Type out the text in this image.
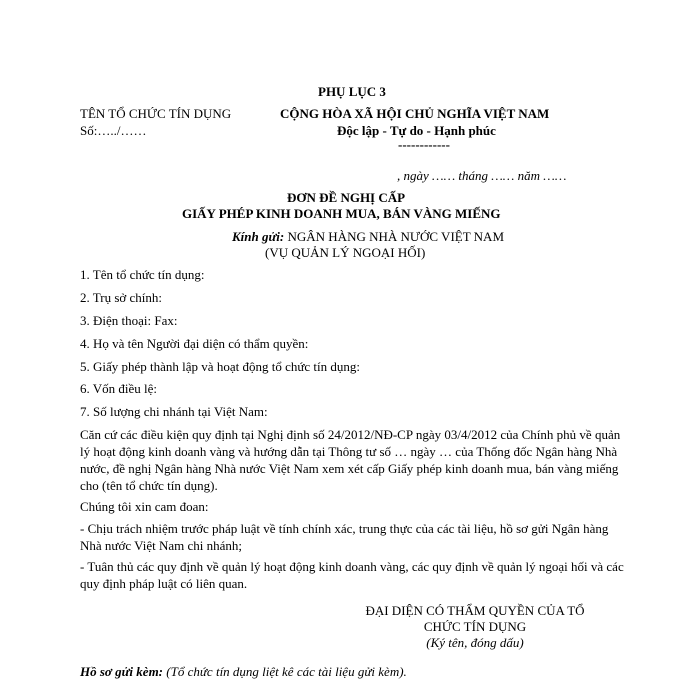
PHỤ LỤC 3
TÊN TỔ CHỨC TÍN DỤNG
Số:…../……
CỘNG HÒA XÃ HỘI CHỦ NGHĨA VIỆT NAM
Độc lập - Tự do - Hạnh phúc
------------
, ngày …… tháng …… năm ……
ĐƠN ĐỀ NGHỊ CẤP
GIẤY PHÉP KINH DOANH MUA, BÁN VÀNG MIẾNG
Kính gửi: NGÂN HÀNG NHÀ NƯỚC VIỆT NAM
(VỤ QUẢN LÝ NGOẠI HỐI)
1. Tên tổ chức tín dụng:
2. Trụ sở chính:
3. Điện thoại: Fax:
4. Họ và tên Người đại diện có thẩm quyền:
5. Giấy phép thành lập và hoạt động tổ chức tín dụng:
6. Vốn điều lệ:
7. Số lượng chi nhánh tại Việt Nam:
Căn cứ các điều kiện quy định tại Nghị định số 24/2012/NĐ-CP ngày 03/4/2012 của Chính phủ về quản lý hoạt động kinh doanh vàng và hướng dẫn tại Thông tư số … ngày … của Thống đốc Ngân hàng Nhà nước, đề nghị Ngân hàng Nhà nước Việt Nam xem xét cấp Giấy phép kinh doanh mua, bán vàng miếng cho (tên tổ chức tín dụng).
Chúng tôi xin cam đoan:
- Chịu trách nhiệm trước pháp luật về tính chính xác, trung thực của các tài liệu, hồ sơ gửi Ngân hàng Nhà nước Việt Nam chi nhánh;
- Tuân thủ các quy định về quản lý hoạt động kinh doanh vàng, các quy định về quản lý ngoại hối và các quy định pháp luật có liên quan.
ĐẠI DIỆN CÓ THẨM QUYỀN CỦA TỔ
CHỨC TÍN DỤNG
(Ký tên, đóng dấu)
Hồ sơ gửi kèm: (Tổ chức tín dụng liệt kê các tài liệu gửi kèm).
